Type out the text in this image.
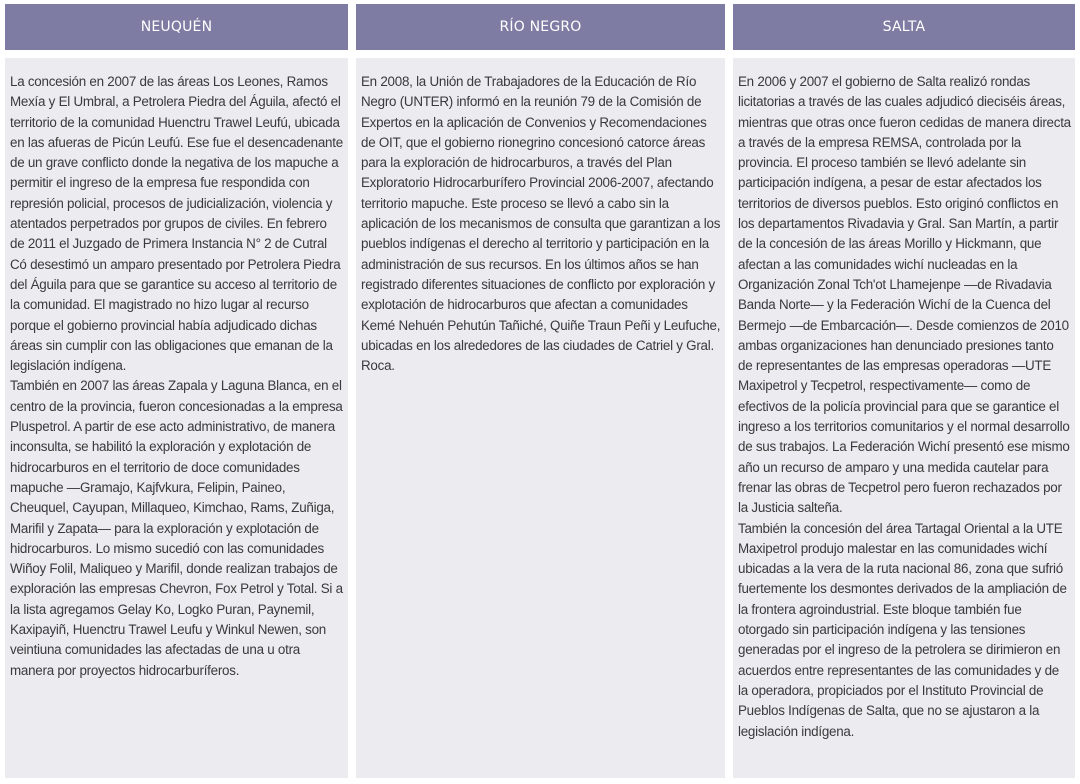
NEUQUÉN	RÍO NEGRO	SALTA

La concesión en 2007 de las áreas Los Leones, Ramos Mexía y El Umbral, a Petrolera Piedra del Águila, afectó el territorio de la comunidad Huenctru Trawel Leufú, ubicada en las afueras de Picún Leufú. Ese fue el desencadenante de un grave conflicto donde la negativa de los mapuche a permitir el ingreso de la empresa fue respondida con represión policial, procesos de judicialización, violencia y atentados perpetrados por grupos de civiles. En febrero de 2011 el Juzgado de Primera Instancia N° 2 de Cutral Có desestimó un amparo presentado por Petrolera Piedra del Águila para que se garantice su acceso al territorio de la comunidad. El magistrado no hizo lugar al recurso porque el gobierno provincial había adjudicado dichas áreas sin cumplir con las obligaciones que emanan de la legislación indígena.

También en 2007 las áreas Zapala y Laguna Blanca, en el centro de la provincia, fueron concesionadas a la empresa Pluspetrol. A partir de ese acto administrativo, de manera inconsulta, se habilitó la exploración y explotación de hidrocarburos en el territorio de doce comunidades mapuche —Gramajo, Kajfvkura, Felipin, Paineo, Cheuquel, Cayupan, Millaqueo, Kimchao, Rams, Zuñiga, Marifil y Zapata— para la exploración y explotación de hidrocarburos. Lo mismo sucedió con las comunidades Wiñoy Folil, Maliqueo y Marifil, donde realizan trabajos de exploración las empresas Chevron, Fox Petrol y Total. Si a la lista agregamos Gelay Ko, Logko Puran, Paynemil, Kaxipayiñ, Huenctru Trawel Leufu y Winkul Newen, son veintiuna comunidades las afectadas de una u otra manera por proyectos hidrocarburíferos.

En 2008, la Unión de Trabajadores de la Educación de Río Negro (UNTER) informó en la reunión 79 de la Comisión de Expertos en la aplicación de Convenios y Recomendaciones de OIT, que el gobierno rionegrino concesionó catorce áreas para la exploración de hidrocarburos, a través del Plan Exploratorio Hidrocarburífero Provincial 2006-2007, afectando territorio mapuche. Este proceso se llevó a cabo sin la aplicación de los mecanismos de consulta que garantizan a los pueblos indígenas el derecho al territorio y participación en la administración de sus recursos. En los últimos años se han registrado diferentes situaciones de conflicto por exploración y explotación de hidrocarburos que afectan a comunidades Kemé Nehuén Pehutún Tañiché, Quiñe Traun Peñi y Leufuche, ubicadas en los alrededores de las ciudades de Catriel y Gral. Roca.

En 2006 y 2007 el gobierno de Salta realizó rondas licitatorias a través de las cuales adjudicó dieciséis áreas, mientras que otras once fueron cedidas de manera directa a través de la empresa REMSA, controlada por la provincia. El proceso también se llevó adelante sin participación indígena, a pesar de estar afectados los territorios de diversos pueblos. Esto originó conflictos en los departamentos Rivadavia y Gral. San Martín, a partir de la concesión de las áreas Morillo y Hickmann, que afectan a las comunidades wichí nucleadas en la Organización Zonal Tch'ot Lhamejenpe —de Rivadavia Banda Norte— y la Federación Wichí de la Cuenca del Bermejo —de Embarcación—. Desde comienzos de 2010 ambas organizaciones han denunciado presiones tanto de representantes de las empresas operadoras —UTE Maxipetrol y Tecpetrol, respectivamente— como de efectivos de la policía provincial para que se garantice el ingreso a los territorios comunitarios y el normal desarrollo de sus trabajos. La Federación Wichí presentó ese mismo año un recurso de amparo y una medida cautelar para frenar las obras de Tecpetrol pero fueron rechazados por la Justicia salteña.

También la concesión del área Tartagal Oriental a la UTE Maxipetrol produjo malestar en las comunidades wichí ubicadas a la vera de la ruta nacional 86, zona que sufrió fuertemente los desmontes derivados de la ampliación de la frontera agroindustrial. Este bloque también fue otorgado sin participación indígena y las tensiones generadas por el ingreso de la petrolera se dirimieron en acuerdos entre representantes de las comunidades y de la operadora, propiciados por el Instituto Provincial de Pueblos Indígenas de Salta, que no se ajustaron a la legislación indígena.
